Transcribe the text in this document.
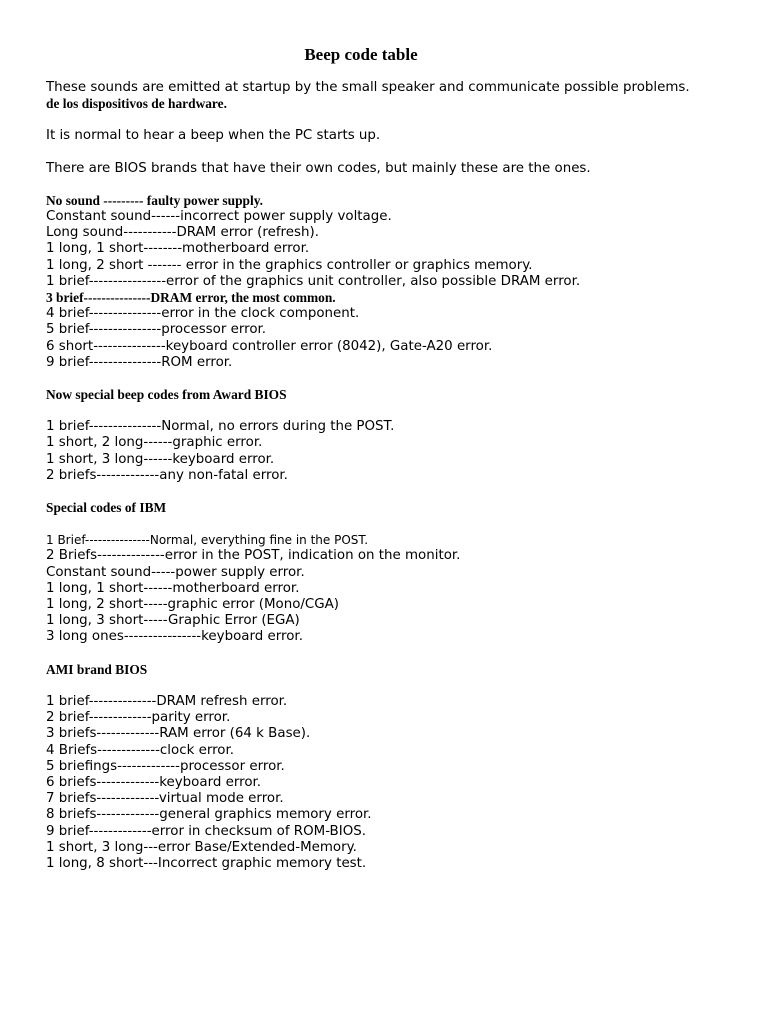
Beep code table

These sounds are emitted at startup by the small speaker and communicate possible problems.

de los dispositivos de hardware.

It is normal to hear a beep when the PC starts up.

There are BIOS brands that have their own codes, but mainly these are the ones.

No sound --------- faulty power supply.

Constant sound------incorrect power supply voltage.

Long sound-----------DRAM error (refresh).

1 long, 1 short--------motherboard error.

1 long, 2 short ------- error in the graphics controller or graphics memory.

1 brief----------------error of the graphics unit controller, also possible DRAM error.

3 brief---------------DRAM error, the most common.

4 brief---------------error in the clock component.

5 brief---------------processor error.

6 short---------------keyboard controller error (8042), Gate-A20 error.

9 brief---------------ROM error.

Now special beep codes from Award BIOS

1 brief---------------Normal, no errors during the POST.

1 short, 2 long------graphic error.

1 short, 3 long------keyboard error.

2 briefs-------------any non-fatal error.

Special codes of IBM

1 Brief---------------Normal, everything fine in the POST.

2 Briefs--------------error in the POST, indication on the monitor.

Constant sound-----power supply error.

1 long, 1 short------motherboard error.

1 long, 2 short-----graphic error (Mono/CGA)

1 long, 3 short-----Graphic Error (EGA)

3 long ones----------------keyboard error.

AMI brand BIOS

1 brief--------------DRAM refresh error.

2 brief-------------parity error.

3 briefs-------------RAM error (64 k Base).

4 Briefs-------------clock error.

5 briefings-------------processor error.

6 briefs-------------keyboard error.

7 briefs-------------virtual mode error.

8 briefs-------------general graphics memory error.

9 brief-------------error in checksum of ROM-BIOS.

1 short, 3 long---error Base/Extended-Memory.

1 long, 8 short---Incorrect graphic memory test.
